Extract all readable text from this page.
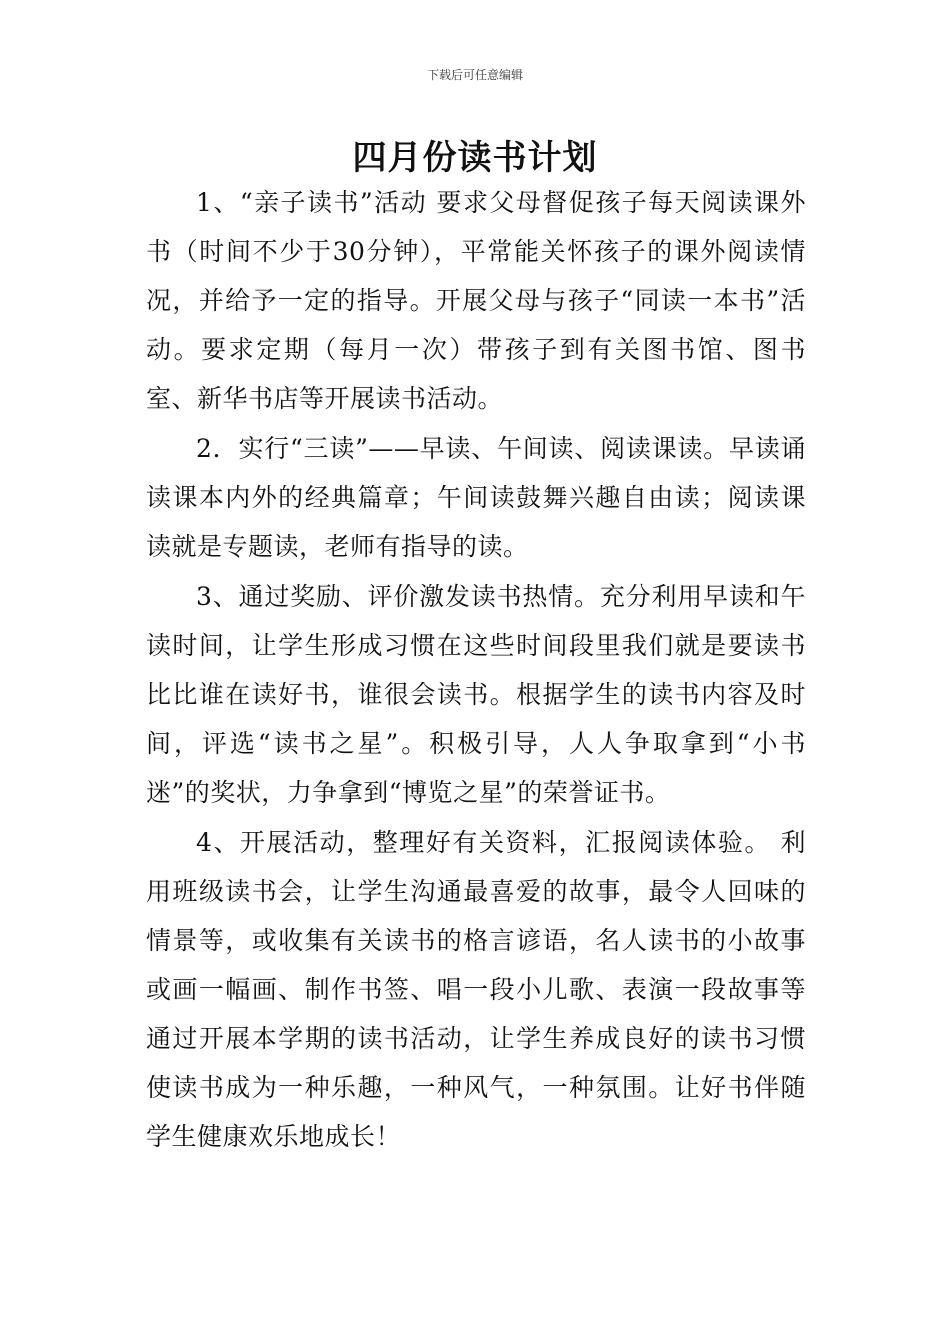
下载后可任意编辑
四月份读书计划

1、“亲子读书”活动 要求父母督促孩子每天阅读课外书（时间不少于30分钟），平常能关怀孩子的课外阅读情况，并给予一定的指导。开展父母与孩子“同读一本书”活动。要求定期（每月一次）带孩子到有关图书馆、图书室、新华书店等开展读书活动。

2．实行“三读”——早读、午间读、阅读课读。早读诵读课本内外的经典篇章；午间读鼓舞兴趣自由读；阅读课读就是专题读，老师有指导的读。

3、通过奖励、评价激发读书热情。充分利用早读和午读时间，让学生形成习惯在这些时间段里我们就是要读书比比谁在读好书，谁很会读书。根据学生的读书内容及时间，评选“读书之星”。积极引导，人人争取拿到“小书迷”的奖状，力争拿到“博览之星”的荣誉证书。

4、开展活动，整理好有关资料，汇报阅读体验。 利用班级读书会，让学生沟通最喜爱的故事，最令人回味的情景等，或收集有关读书的格言谚语，名人读书的小故事或画一幅画、制作书签、唱一段小儿歌、表演一段故事等通过开展本学期的读书活动，让学生养成良好的读书习惯使读书成为一种乐趣，一种风气，一种氛围。让好书伴随学生健康欢乐地成长！
